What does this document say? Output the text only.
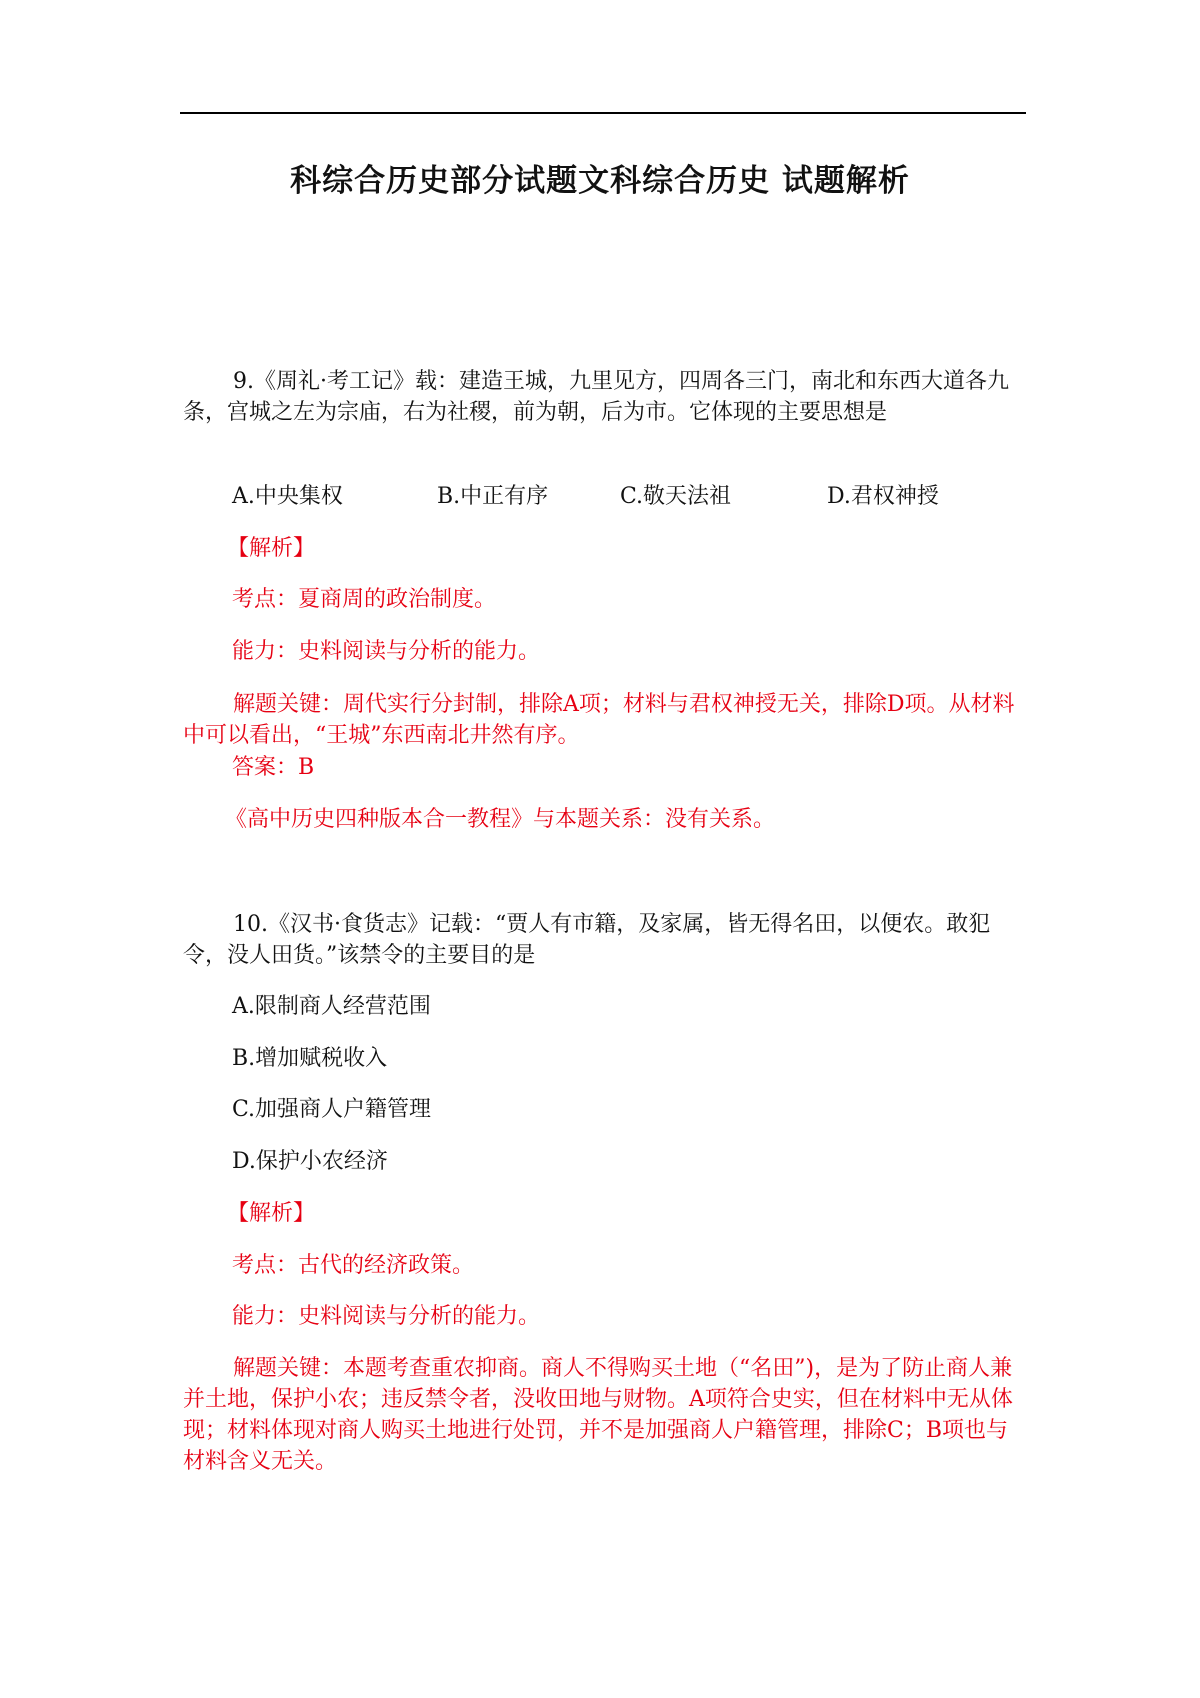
科综合历史部分试题文科综合历史 试题解析
9.《周礼·考工记》载：建造王城，九里见方，四周各三门，南北和东西大道各九条，宫城之左为宗庙，右为社稷，前为朝，后为市。它体现的主要思想是
A.中央集权	B.中正有序	C.敬天法祖	D.君权神授
【解析】
考点：夏商周的政治制度。
能力：史料阅读与分析的能力。
解题关键：周代实行分封制，排除A项；材料与君权神授无关，排除D项。从材料中可以看出，“王城”东西南北井然有序。
答案：B
《高中历史四种版本合一教程》与本题关系：没有关系。
10.《汉书·食货志》记载：“贾人有市籍，及家属，皆无得名田，以便农。敢犯令，没人田货。”该禁令的主要目的是
A.限制商人经营范围
B.增加赋税收入
C.加强商人户籍管理
D.保护小农经济
【解析】
考点：古代的经济政策。
能力：史料阅读与分析的能力。
解题关键：本题考查重农抑商。商人不得购买土地（“名田”)，是为了防止商人兼并土地，保护小农；违反禁令者，没收田地与财物。A项符合史实，但在材料中无从体现；材料体现对商人购买土地进行处罚，并不是加强商人户籍管理，排除C；B项也与材料含义无关。
